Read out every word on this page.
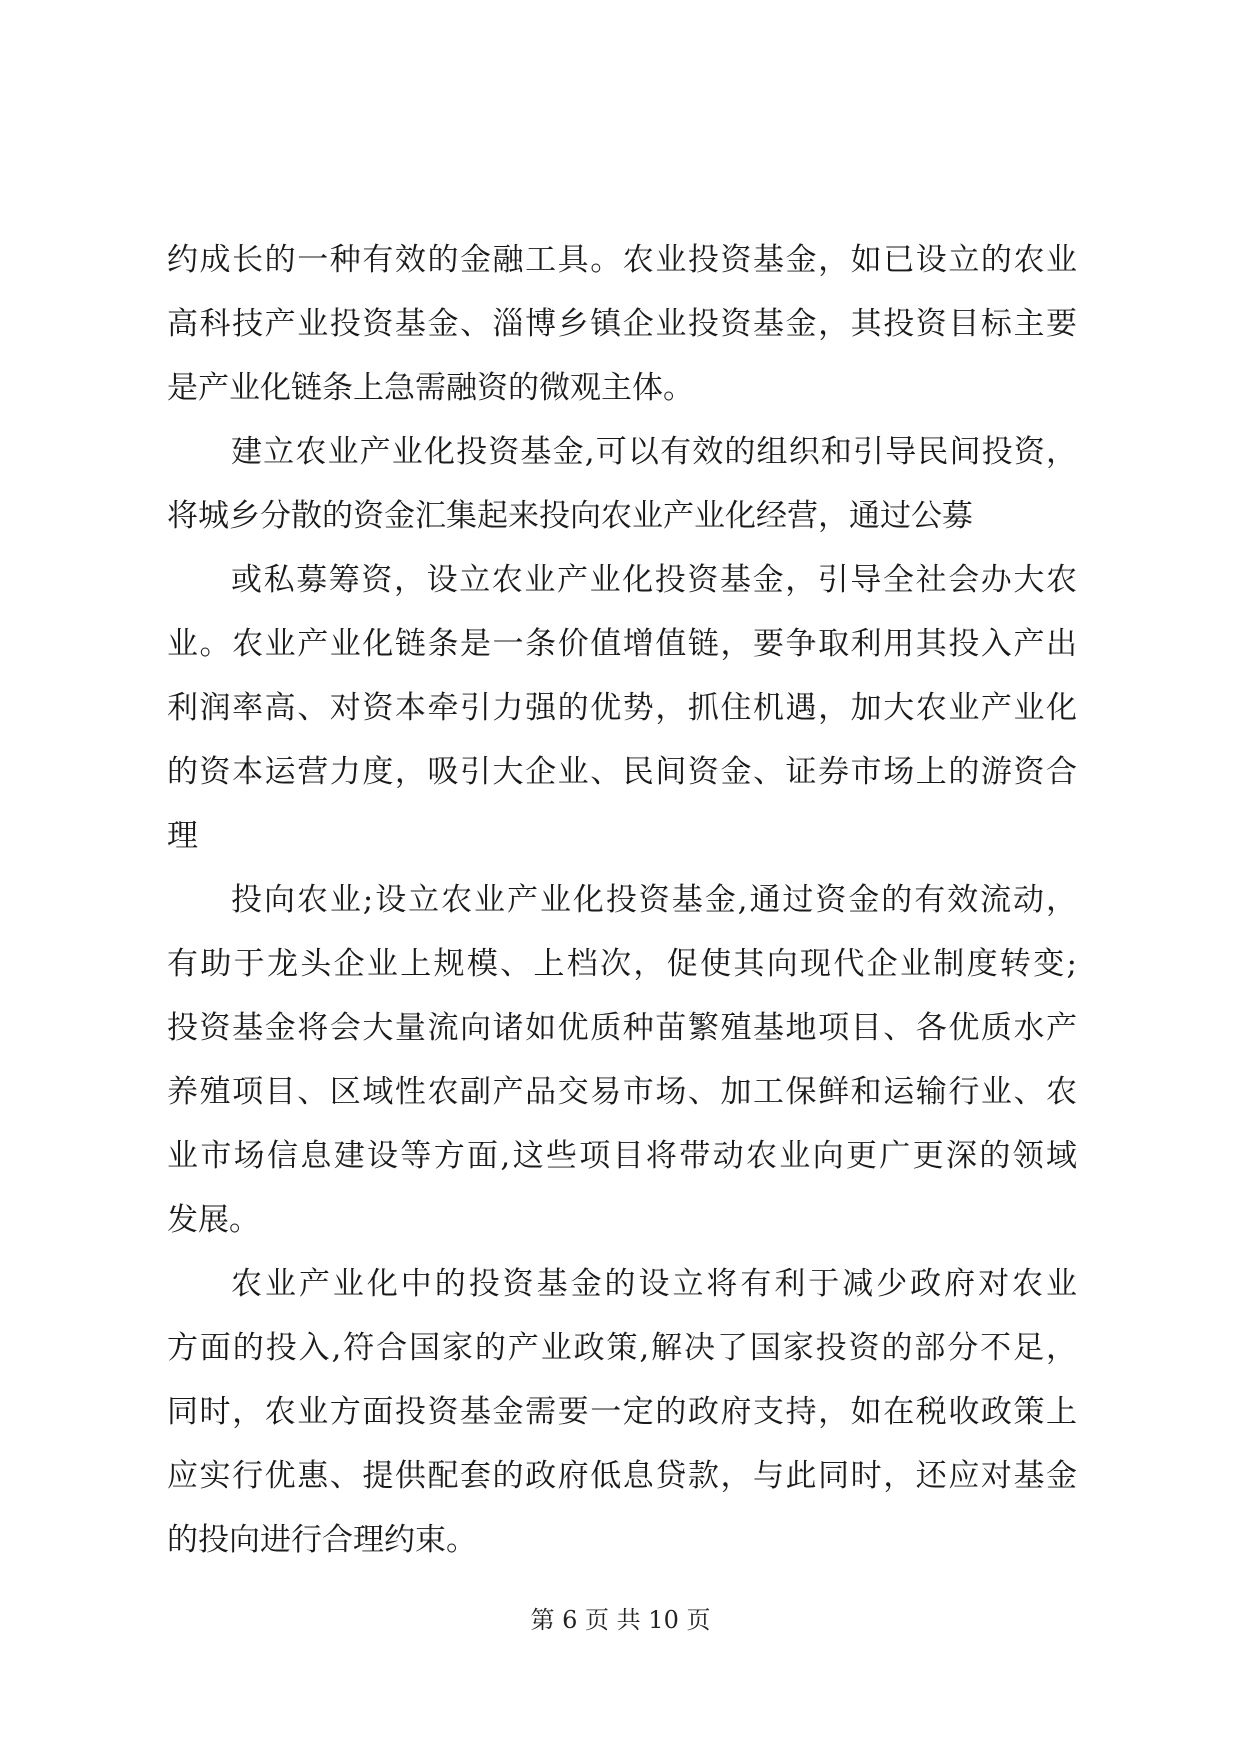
约成长的一种有效的金融工具。农业投资基金，如已设立的农业
高科技产业投资基金、淄博乡镇企业投资基金，其投资目标主要
是产业化链条上急需融资的微观主体。
建立农业产业化投资基金,可以有效的组织和引导民间投资，
将城乡分散的资金汇集起来投向农业产业化经营，通过公募
或私募筹资，设立农业产业化投资基金，引导全社会办大农
业。农业产业化链条是一条价值增值链，要争取利用其投入产出
利润率高、对资本牵引力强的优势，抓住机遇，加大农业产业化
的资本运营力度，吸引大企业、民间资金、证券市场上的游资合
理
投向农业;设立农业产业化投资基金,通过资金的有效流动，
有助于龙头企业上规模、上档次，促使其向现代企业制度转变;
投资基金将会大量流向诸如优质种苗繁殖基地项目、各优质水产
养殖项目、区域性农副产品交易市场、加工保鲜和运输行业、农
业市场信息建设等方面,这些项目将带动农业向更广更深的领域
发展。
农业产业化中的投资基金的设立将有利于减少政府对农业
方面的投入,符合国家的产业政策,解决了国家投资的部分不足，
同时，农业方面投资基金需要一定的政府支持，如在税收政策上
应实行优惠、提供配套的政府低息贷款，与此同时，还应对基金
的投向进行合理约束。
第 6 页 共 10 页
